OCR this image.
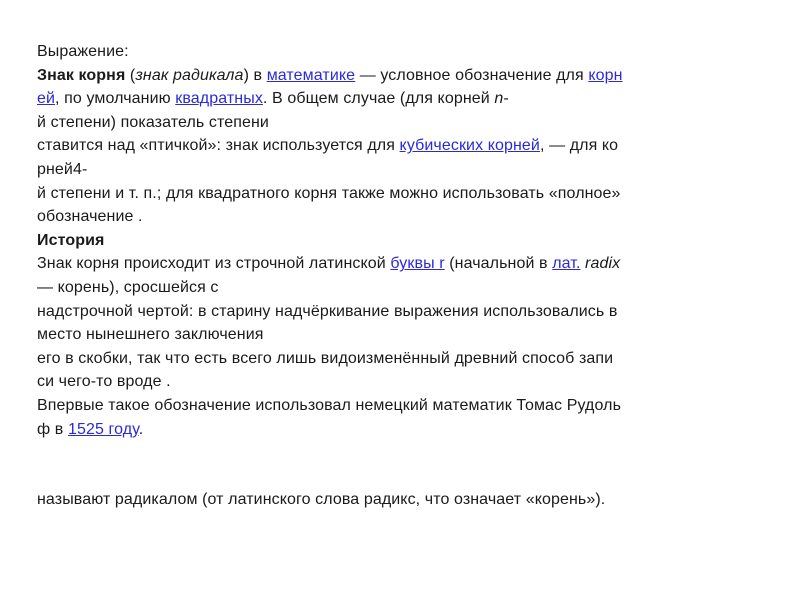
Выражение:
Знак корня (знак радикала) в математике — условное обозначение для корн
ей, по умолчанию квадратных. В общем случае (для корней n-
й степени) показатель степени
ставится над «птичкой»: знак используется для кубических корней, — для ко
рней4-
й степени и т. п.; для квадратного корня также можно использовать «полное»
обозначение .
История
Знак корня происходит из строчной латинской буквы r (начальной в лат. radix
— корень), сросшейся с
надстрочной чертой: в старину надчёркивание выражения использовались в
место нынешнего заключения
его в скобки, так что есть всего лишь видоизменённый древний способ запи
си чего-то вроде .
Впервые такое обозначение использовал немецкий математик Томас Рудоль
ф в 1525 году.
называют радикалом (от латинского слова радикс, что означает «корень»).
